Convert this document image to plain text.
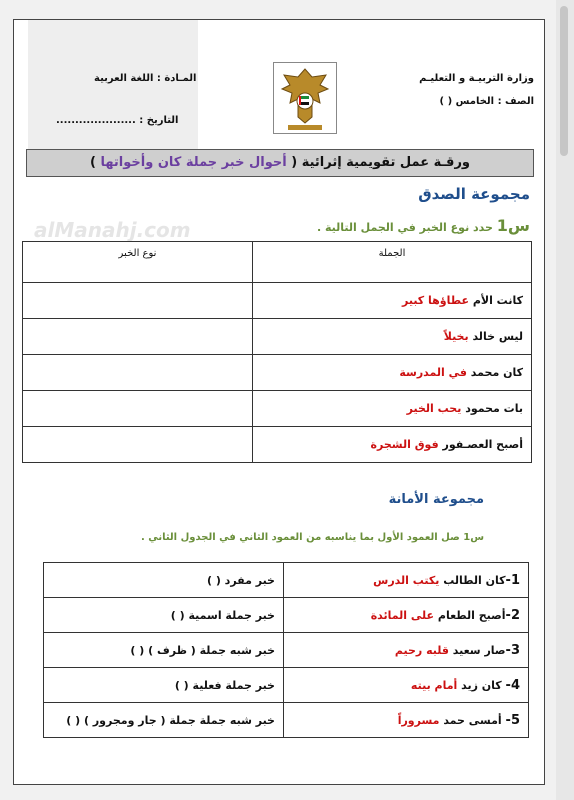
alManahj.com
وزارة التربيـة و التعليـم
الصف : الخامس ( )
المـادة : اللغة العربية
التاريخ : .....................
ورقـة عمل تقويمية إثرائية ( أحوال خبر جملة كان وأخواتها )
مجموعة الصدق
س1 حدد نوع الخبر في الجمل التالية .
الجملة	نوع الخبر
كانت الأم عطاؤها كبير	
ليس خالد بخيلاً	
كان محمد في المدرسة	
بات محمود يحب الخير	
أصبح العصـفور فوق الشجرة	
مجموعة الأمانة
س1 صل العمود الأول بما يناسبه من العمود الثاني في الجدول الثاني .
1-كان الطالب يكتب الدرس	خبر مفرد ( )
2-أصبح الطعام على المائدة	خبر جملة اسمية ( )
3-صار سعيد قلبه رحيم	خبر شبه جملة ( ظرف ) ( )
4- كان زيد أمام بيته	خبر جملة فعلية ( )
5- أمسى حمد مسروراً	خبر شبه جملة جملة ( جار ومجرور ) ( )
